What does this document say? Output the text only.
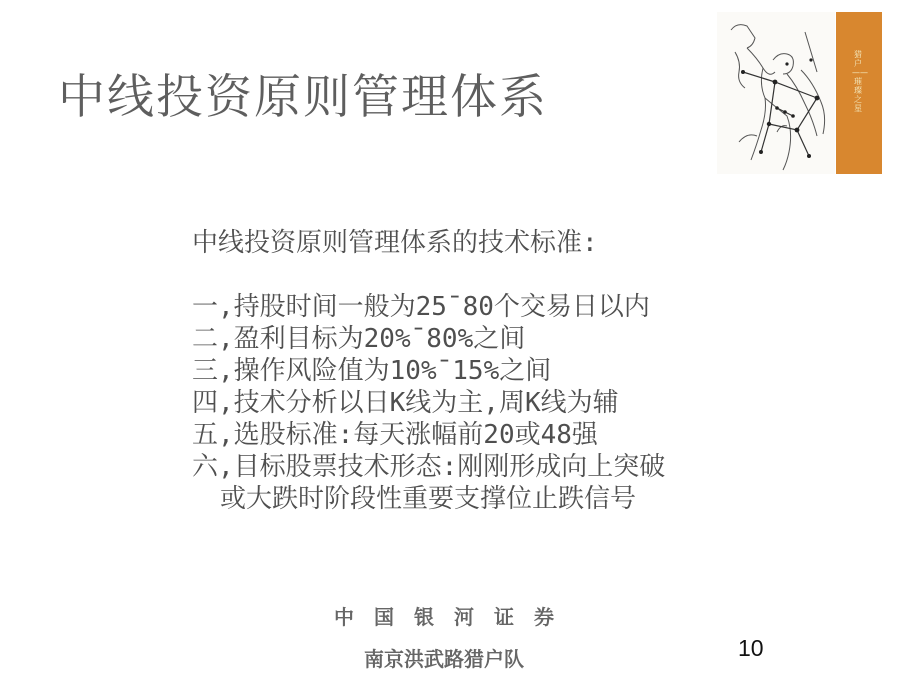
中线投资原则管理体系
猎户——璀璨之星
中线投资原则管理体系的技术标准:
一,持股时间一般为25¯80个交易日以内
二,盈利目标为20%¯80%之间
三,操作风险值为10%¯15%之间
四,技术分析以日K线为主,周K线为辅
五,选股标准:每天涨幅前20或48强
六,目标股票技术形态:刚刚形成向上突破
或大跌时阶段性重要支撑位止跌信号
中国银河证券
南京洪武路猎户队	10
